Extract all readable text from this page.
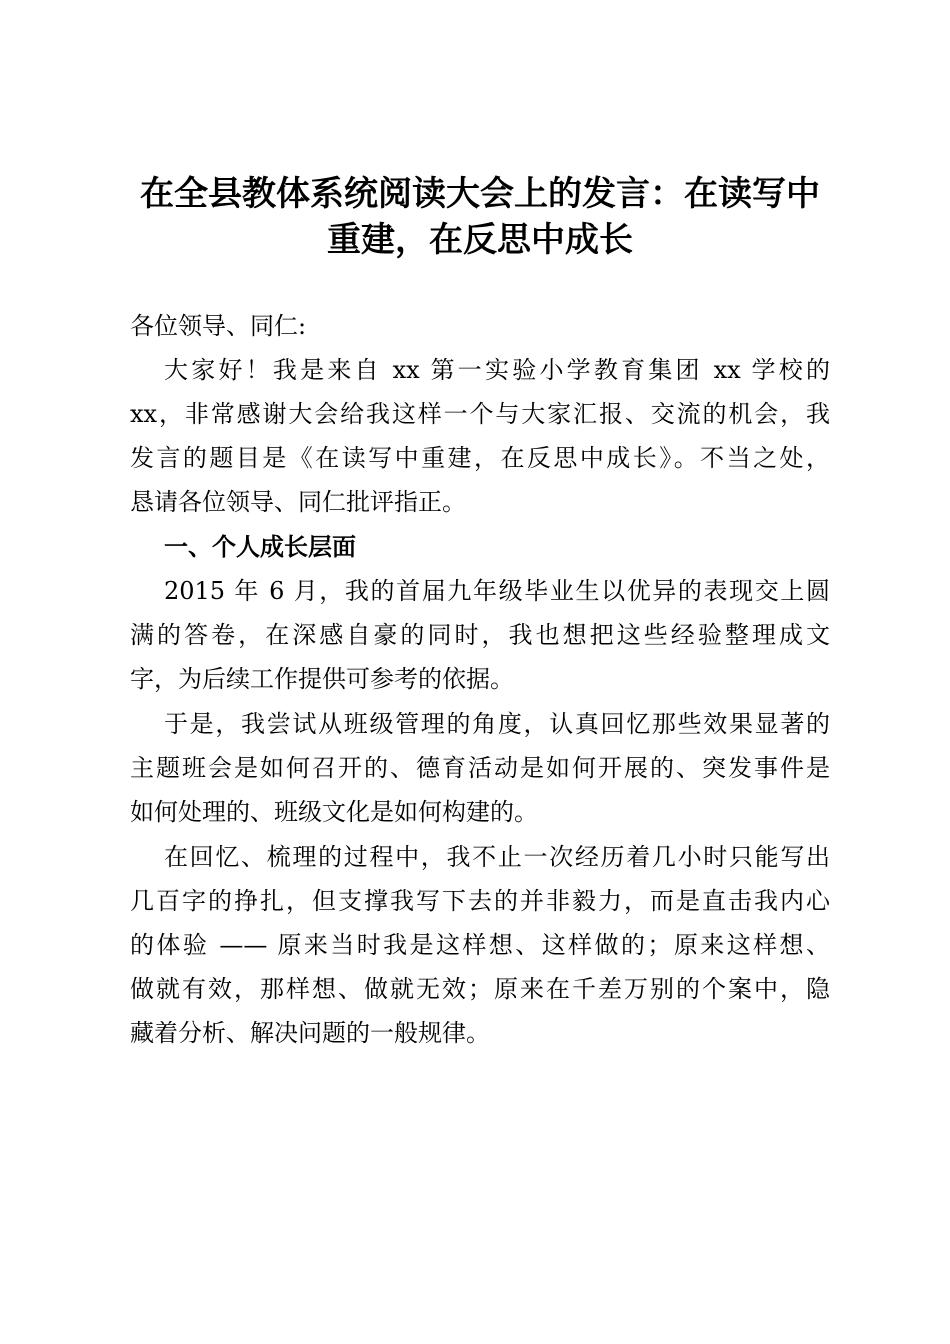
在全县教体系统阅读大会上的发言：在读写中
重建，在反思中成长
各位领导、同仁:
大家好！我是来自 xx 第一实验小学教育集团 xx 学校的
xx，非常感谢大会给我这样一个与大家汇报、交流的机会，我
发言的题目是《在读写中重建，在反思中成长》。不当之处，
恳请各位领导、同仁批评指正。
一、个人成长层面
2015 年 6 月，我的首届九年级毕业生以优异的表现交上圆
满的答卷，在深感自豪的同时，我也想把这些经验整理成文
字，为后续工作提供可参考的依据。
于是，我尝试从班级管理的角度，认真回忆那些效果显著的
主题班会是如何召开的、德育活动是如何开展的、突发事件是
如何处理的、班级文化是如何构建的。
在回忆、梳理的过程中，我不止一次经历着几小时只能写出
几百字的挣扎，但支撑我写下去的并非毅力，而是直击我内心
的体验 —— 原来当时我是这样想、这样做的；原来这样想、
做就有效，那样想、做就无效；原来在千差万别的个案中，隐
藏着分析、解决问题的一般规律。
